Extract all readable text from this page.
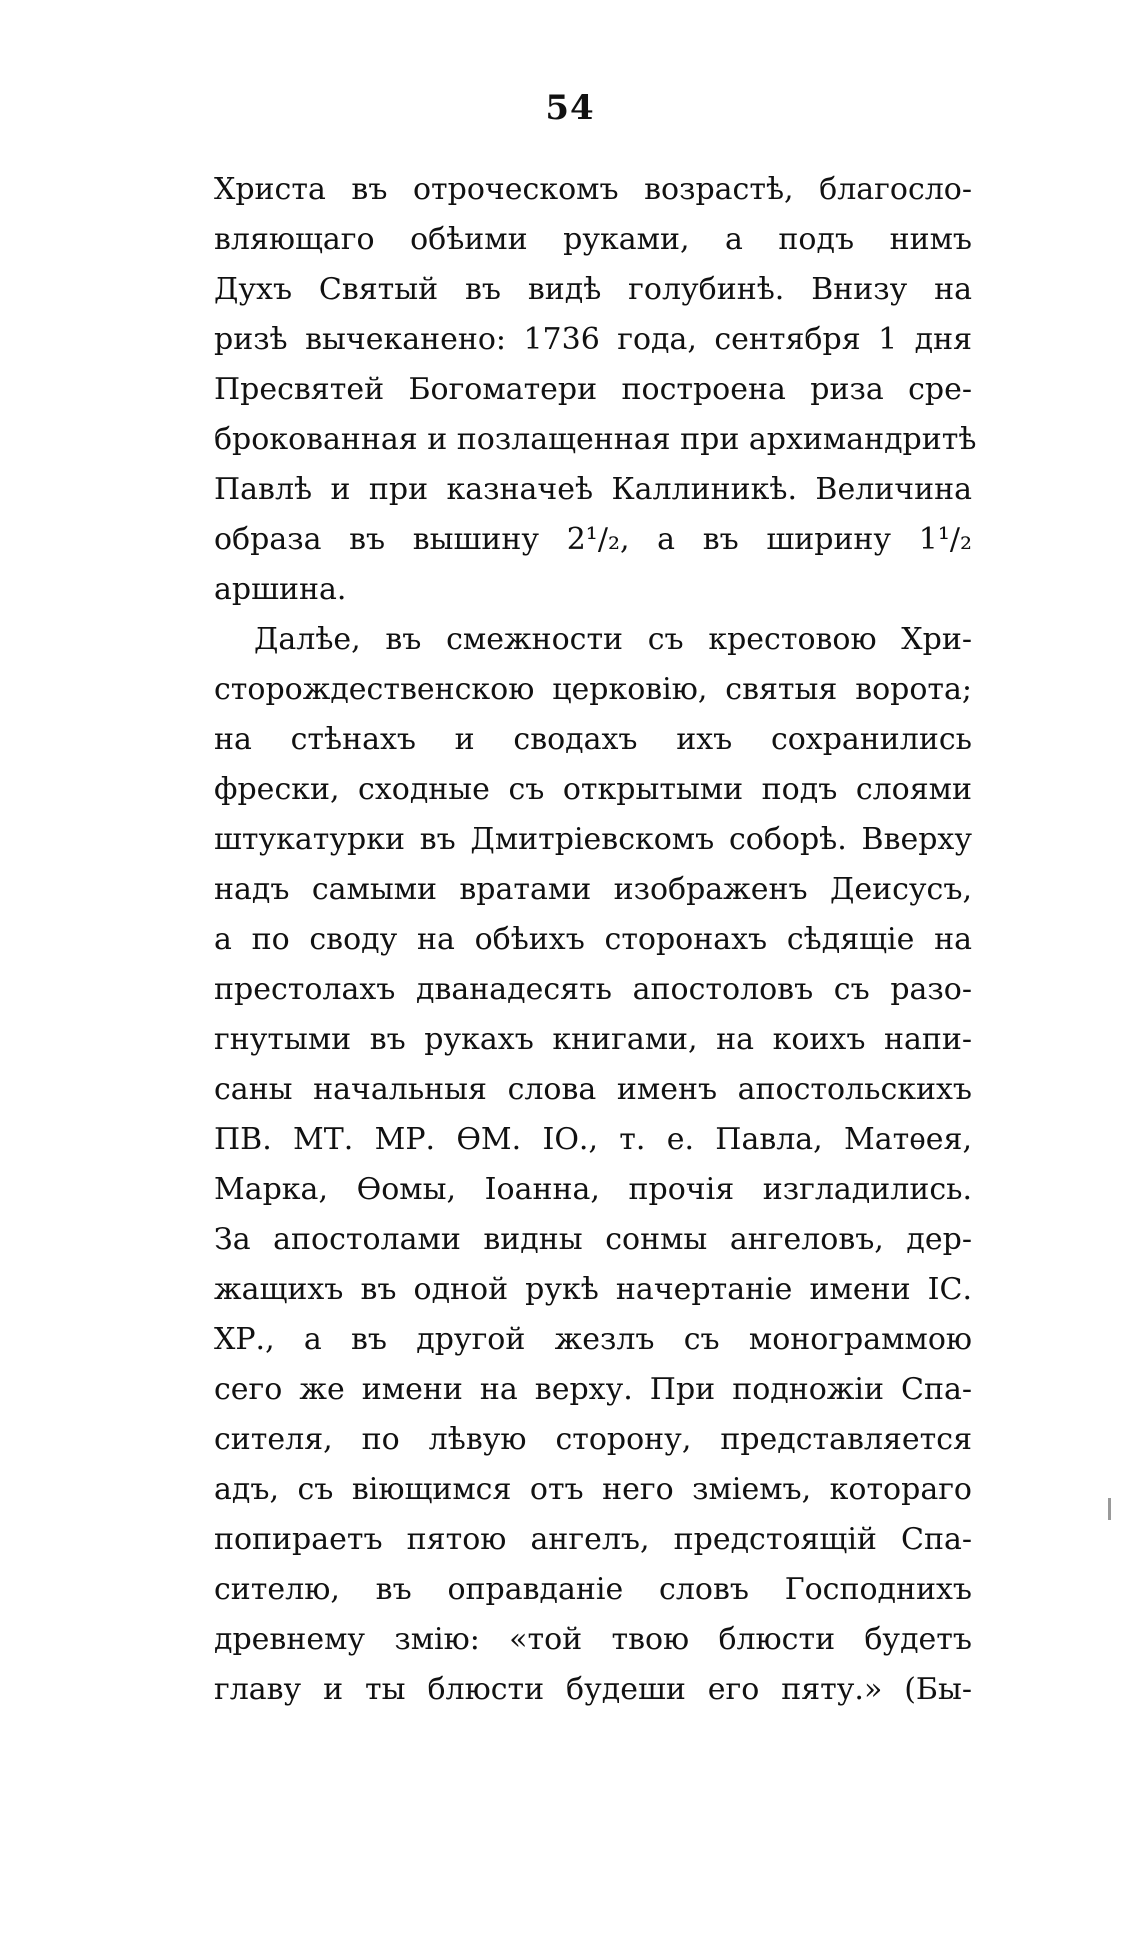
54
Христа въ отроческомъ возрастѣ, благосло-
вляющаго обѣими руками, а подъ нимъ
Духъ Святый въ видѣ голубинѣ. Внизу на
ризѣ вычеканено: 1736 года, сентября 1 дня
Пресвятей Богоматери построена риза сре-
брокованная и позлащенная при архимандритѣ
Павлѣ и при казначеѣ Каллиникѣ. Величина
образа въ вышину 2¹/₂, а въ ширину 1¹/₂
аршина.
Далѣе, въ смежности съ крестовою Хри-
сторождественскою церковію, святыя ворота;
на стѣнахъ и сводахъ ихъ сохранились
фрески, сходные съ открытыми подъ слоями
штукатурки въ Дмитріевскомъ соборѣ. Вверху
надъ самыми вратами изображенъ Деисусъ,
а по своду на обѣихъ сторонахъ сѣдящіе на
престолахъ дванадесять апостоловъ съ разо-
гнутыми въ рукахъ книгами, на коихъ напи-
саны начальныя слова именъ апостольскихъ
ПВ. МТ. МР. ѲМ. IО., т. е. Павла, Матѳея,
Марка, Ѳомы, Іоанна, прочія изгладились.
За апостолами видны сонмы ангеловъ, дер-
жащихъ въ одной рукѣ начертаніе имени IС.
ХР., а въ другой жезлъ съ монограммою
сего же имени на верху. При подножіи Спа-
сителя, по лѣвую сторону, представляется
адъ, съ віющимся отъ него зміемъ, котораго
попираетъ пятою ангелъ, предстоящій Спа-
сителю, въ оправданіе словъ Господнихъ
древнему змію: «той твою блюсти будетъ
главу и ты блюсти будеши его пяту.» (Бы-
